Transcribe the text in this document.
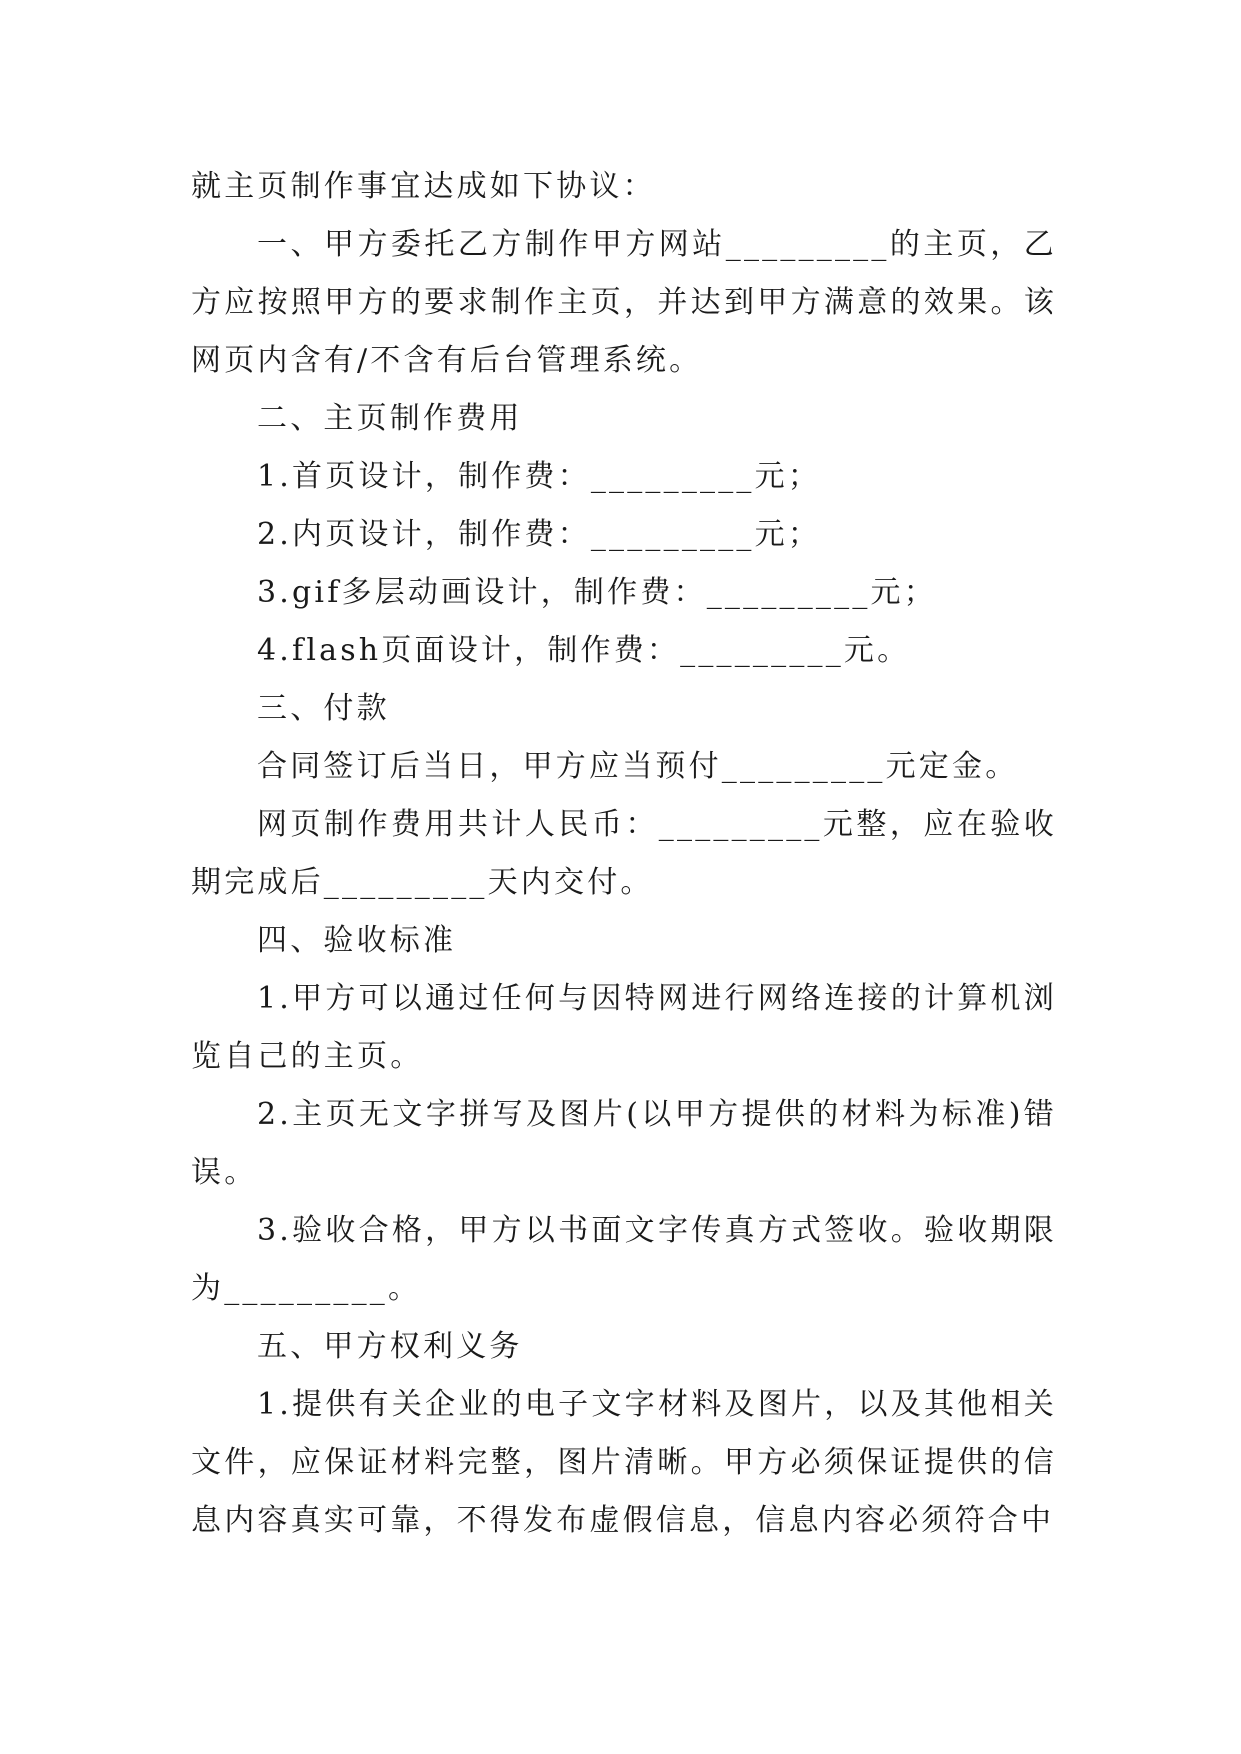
就主页制作事宜达成如下协议：

一、甲方委托乙方制作甲方网站_________的主页，乙方应按照甲方的要求制作主页，并达到甲方满意的效果。该网页内含有/不含有后台管理系统。

二、主页制作费用

1.首页设计，制作费：_________元；

2.内页设计，制作费：_________元；

3.gif多层动画设计，制作费：_________元；

4.flash页面设计，制作费：_________元。

三、付款

合同签订后当日，甲方应当预付_________元定金。

网页制作费用共计人民币：_________元整，应在验收期完成后_________天内交付。

四、验收标准

1.甲方可以通过任何与因特网进行网络连接的计算机浏览自己的主页。

2.主页无文字拼写及图片(以甲方提供的材料为标准)错误。

3.验收合格，甲方以书面文字传真方式签收。验收期限为_________。

五、甲方权利义务

1.提供有关企业的电子文字材料及图片，以及其他相关文件，应保证材料完整，图片清晰。甲方必须保证提供的信息内容真实可靠，不得发布虚假信息，信息内容必须符合中
